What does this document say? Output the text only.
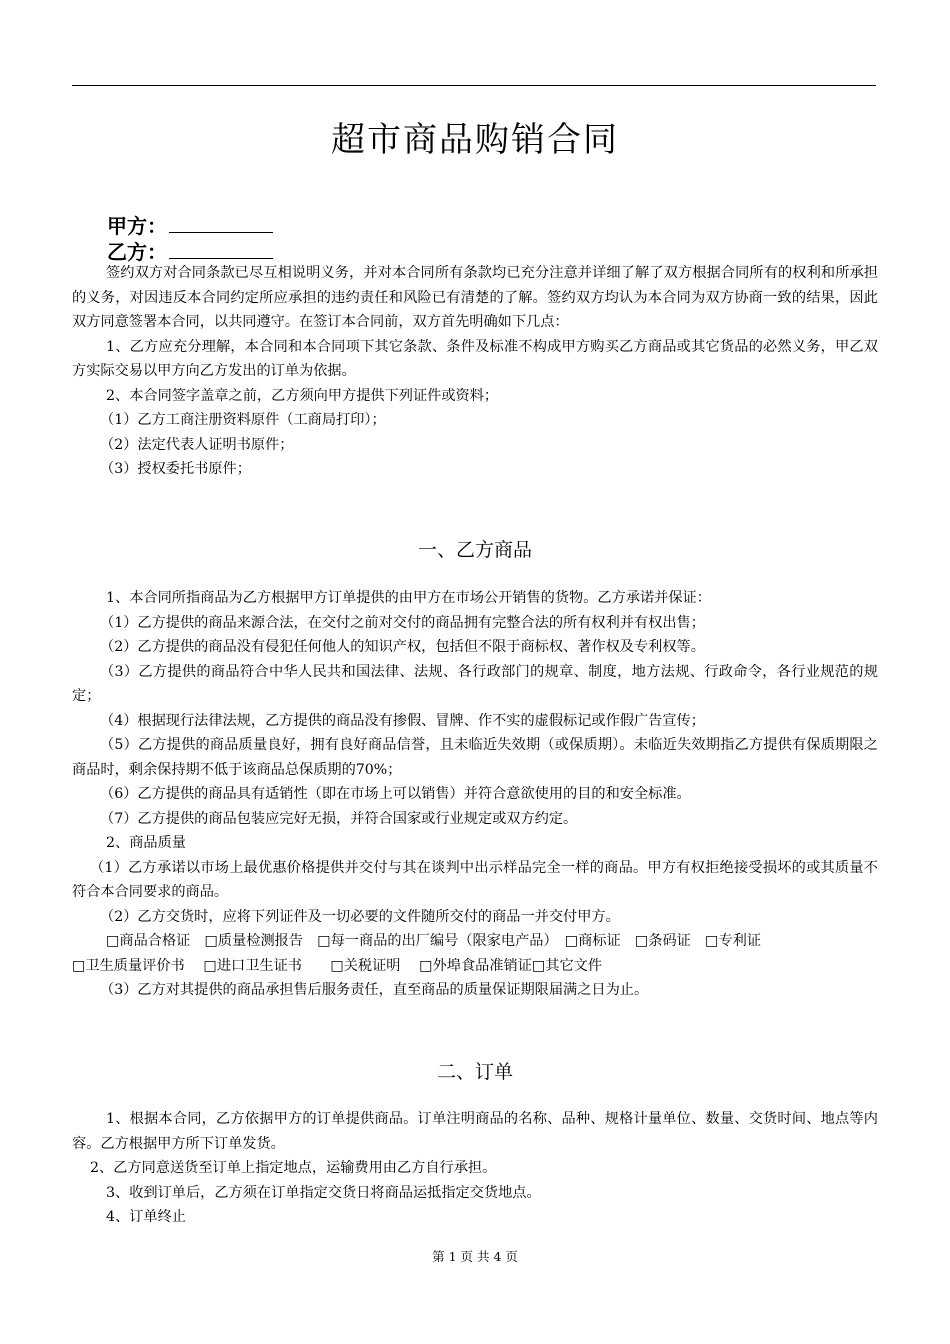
超市商品购销合同
甲方：
乙方：

签约双方对合同条款已尽互相说明义务，并对本合同所有条款均已充分注意并详细了解了双方根据合同所有的权利和所承担的义务，对因违反本合同约定所应承担的违约责任和风险已有清楚的了解。签约双方均认为本合同为双方协商一致的结果，因此双方同意签署本合同，以共同遵守。在签订本合同前，双方首先明确如下几点：

1、乙方应充分理解，本合同和本合同项下其它条款、条件及标准不构成甲方购买乙方商品或其它货品的必然义务，甲乙双方实际交易以甲方向乙方发出的订单为依据。

2、本合同签字盖章之前，乙方须向甲方提供下列证件或资料；

（1）乙方工商注册资料原件（工商局打印）；

（2）法定代表人证明书原件；

（3）授权委托书原件；

一、乙方商品

1、本合同所指商品为乙方根据甲方订单提供的由甲方在市场公开销售的货物。乙方承诺并保证：

（1）乙方提供的商品来源合法，在交付之前对交付的商品拥有完整合法的所有权利并有权出售；

（2）乙方提供的商品没有侵犯任何他人的知识产权，包括但不限于商标权、著作权及专利权等。

（3）乙方提供的商品符合中华人民共和国法律、法规、各行政部门的规章、制度，地方法规、行政命令，各行业规范的规定；

（4）根据现行法律法规，乙方提供的商品没有掺假、冒牌、作不实的虚假标记或作假广告宣传；

（5）乙方提供的商品质量良好，拥有良好商品信誉，且未临近失效期（或保质期）。未临近失效期指乙方提供有保质期限之商品时，剩余保持期不低于该商品总保质期的70%；

（6）乙方提供的商品具有适销性（即在市场上可以销售）并符合意欲使用的目的和安全标准。

（7）乙方提供的商品包装应完好无损，并符合国家或行业规定或双方约定。

2、商品质量

（1）乙方承诺以市场上最优惠价格提供并交付与其在谈判中出示样品完全一样的商品。甲方有权拒绝接受损坏的或其质量不符合本合同要求的商品。

（2）乙方交货时，应将下列证件及一切必要的文件随所交付的商品一并交付甲方。

□商品合格证　□质量检测报告　□每一商品的出厂编号（限家电产品）　□商标证　□条码证　□专利证

□卫生质量评价书　 □进口卫生证书　　□关税证明　 □外埠食品准销证□其它文件

（3）乙方对其提供的商品承担售后服务责任，直至商品的质量保证期限届满之日为止。

二、订单

1、根据本合同，乙方依据甲方的订单提供商品。订单注明商品的名称、品种、规格计量单位、数量、交货时间、地点等内容。乙方根据甲方所下订单发货。

2、乙方同意送货至订单上指定地点，运输费用由乙方自行承担。

3、收到订单后，乙方须在订单指定交货日将商品运抵指定交货地点。

4、订单终止

第 1 页 共 4 页
